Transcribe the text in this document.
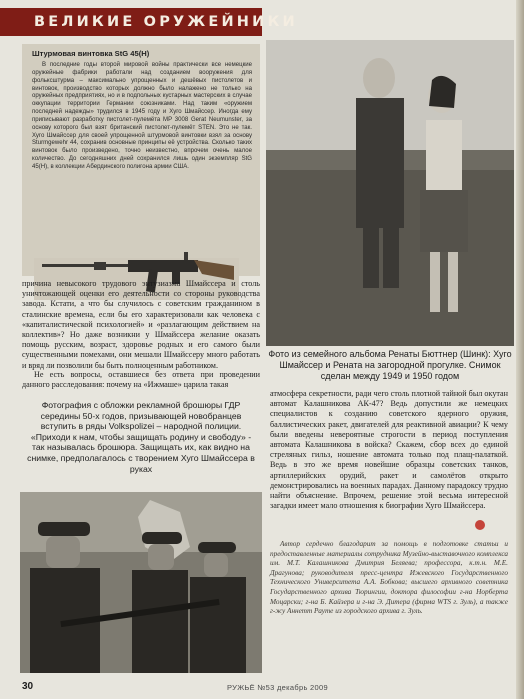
ВЕЛИКИЕ ОРУЖЕЙНИКИ

Штурмовая винтовка StG 45(H)

В последние годы второй мировой войны практически все немецкие оружейные фабрики работали над созданием вооружения для фольксштурма – максимально упрощенных и дешёвых пистолетов и винтовок, производство которых должно было налажено не только на оружейных предприятиях, но и в подпольных кустарных мастерских в случае оккупации территории Германии союзниками. Над таким «оружием последней надежды» трудился в 1945 году и Хуго Шмайссер. Иногда ему приписывают разработку пистолет-пулемёта MP 3008 Gerat Neumunster, за основу которого был взят британский пистолет-пулемёт STEN. Это не так. Хуго Шмайссер для своей упрощенной штурмовой винтовки взял за основу Sturmgewehr 44, сохранив основные принципы её устройства. Сколько таких винтовок было произведено, точно неизвестно, впрочем очень малое количество. До сегодняшних дней сохранился лишь один экземпляр StG 45(H), в коллекции Абердинского полигона армии США.

причина невысокого трудового энтузиазма Шмайссера и столь уничтожающей оценки его деятельности со стороны руководства завода. Кстати, а что бы случилось с советским гражданином в сталинские времена, если бы его характеризовали как человека с «капиталистической психологией» и «разлагающим действием на коллектив»? Но даже возникни у Шмайссера желание оказать помощь русским, возраст, здоровье родных и его самого были существенными помехами, они мешали Шмайссеру много работать и вряд ли позволили бы быть полноценным работником.

Не есть вопросы, оставшиеся без ответа при проведении данного расследования: почему на «Ижмаше» царила такая

Фотография с обложки рекламной брошюры ГДР середины 50-х годов, призывающей новобранцев вступить в ряды Volkspolizei – народной полиции. «Приходи к нам, чтобы защищать родину и свободу» - так называлась брошюра. Защищать их, как видно на снимке, предполагалось с творением Хуго Шмайссера в руках
Фото из семейного альбома Ренаты Бюттнер (Шинк): Хуго Шмайссер и Рената на загородной прогулке. Снимок сделан между 1949 и 1950 годом

атмосфера секретности, ради чего столь плотной тайной был окутан автомат Калашникова АК-47? Ведь допустили же немецких специалистов к созданию советского ядерного оружия, баллистических ракет, двигателей для реактивной авиации? К чему были введены невероятные строгости в период поступления автомата Калашникова в войска? Скажем, сбор всех до единой стреляных гильз, ношение автомата только под плащ-палаткой. Ведь в это же время новейшие образцы советских танков, артиллерийских орудий, ракет и самолётов открыто демонстрировались на военных парадах. Данному парадоксу трудно найти объяснение. Впрочем, решение этой весьма интересной загадки имеет мало отношения к биографии Хуго Шмайссера.

Автор сердечно благодарит за помощь в подготовке статьи и предоставленные материалы сотрудника Музейно-выставочного комплекса им. М.Т. Калашникова Дмитрия Беляева; профессора, к.т.н. М.Е. Драгунова; руководителя пресс-центра Ижевского Государственного Технического Университета А.А. Бобкова; высшего архивного советника Государственного архива Тюрингии, доктора философии г-на Норберта Моцарски; г-на Б. Кайзера и г-на Э. Дитера (фирма WTS г. Зуль), а также г-жу Аннетт Рауте из городского архива г. Зуль.

30	РУЖЬЁ №53 декабрь 2009
